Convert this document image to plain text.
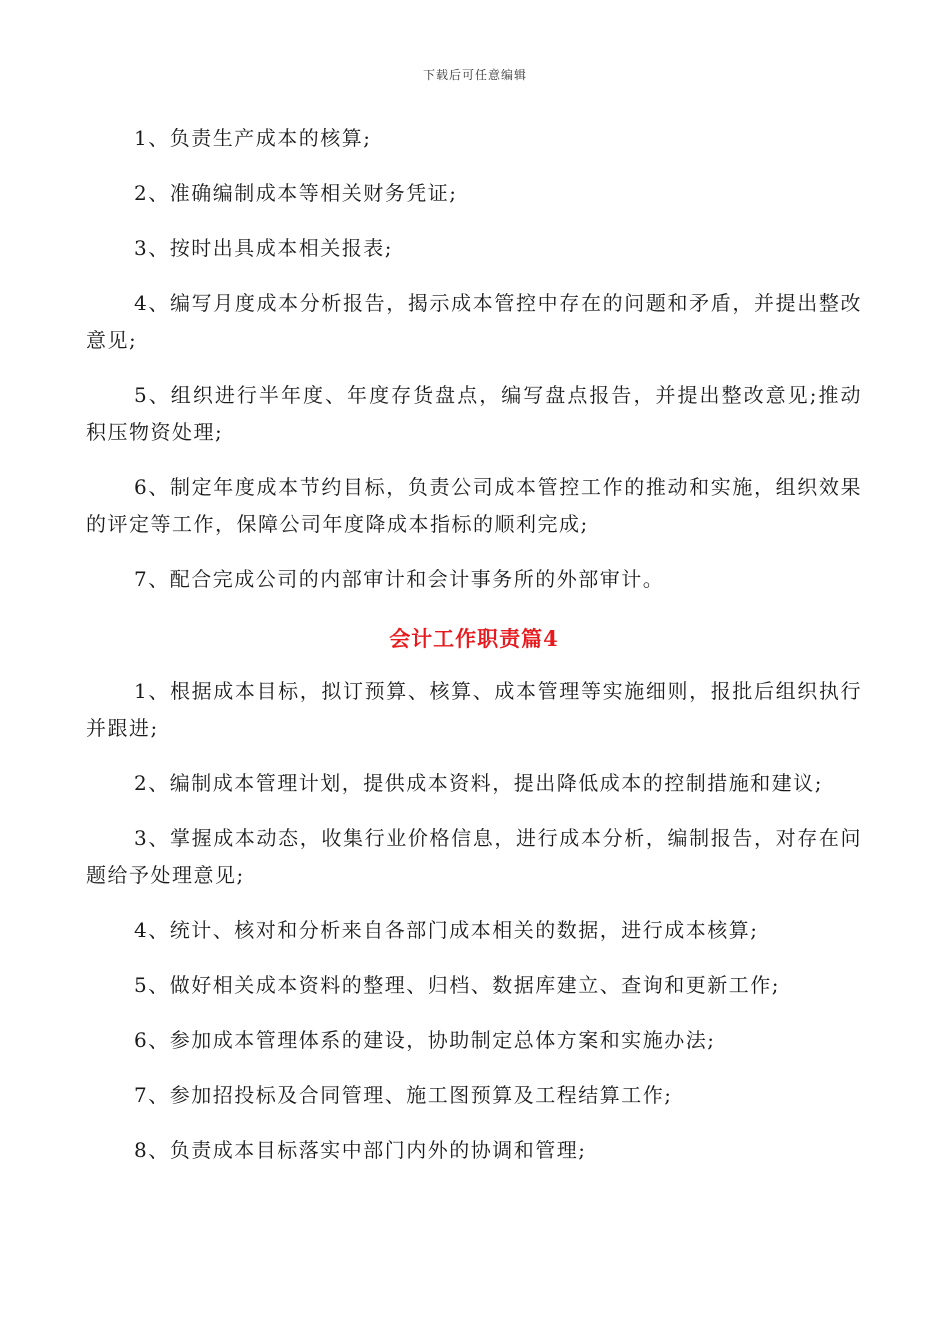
下载后可任意编辑

1、负责生产成本的核算;

2、准确编制成本等相关财务凭证;

3、按时出具成本相关报表;

4、编写月度成本分析报告，揭示成本管控中存在的问题和矛盾，并提出整改意见;

5、组织进行半年度、年度存货盘点，编写盘点报告，并提出整改意见;推动积压物资处理;

6、制定年度成本节约目标，负责公司成本管控工作的推动和实施，组织效果的评定等工作，保障公司年度降成本指标的顺利完成;

7、配合完成公司的内部审计和会计事务所的外部审计。

会计工作职责篇4

1、根据成本目标，拟订预算、核算、成本管理等实施细则，报批后组织执行并跟进;

2、编制成本管理计划，提供成本资料，提出降低成本的控制措施和建议;

3、掌握成本动态，收集行业价格信息，进行成本分析，编制报告，对存在问题给予处理意见;

4、统计、核对和分析来自各部门成本相关的数据，进行成本核算;

5、做好相关成本资料的整理、归档、数据库建立、查询和更新工作;

6、参加成本管理体系的建设，协助制定总体方案和实施办法;

7、参加招投标及合同管理、施工图预算及工程结算工作;

8、负责成本目标落实中部门内外的协调和管理;
